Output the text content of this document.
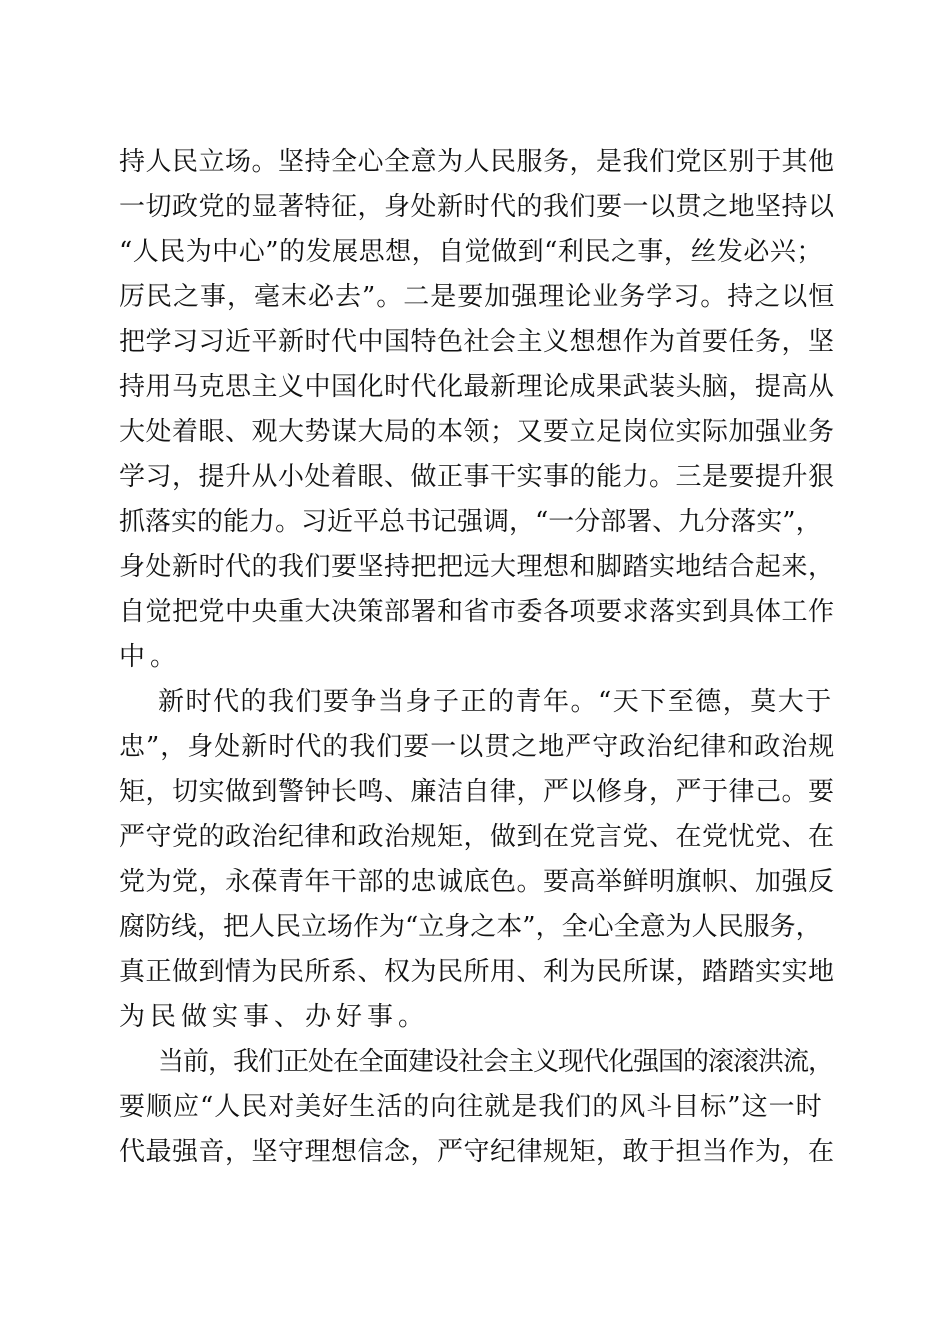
持人民立场。坚持全心全意为人民服务，是我们党区别于其他

一切政党的显著特征，身处新时代的我们要一以贯之地坚持以

“人民为中心”的发展思想，自觉做到“利民之事，丝发必兴；

厉民之事，毫末必去”。二是要加强理论业务学习。持之以恒

把学习习近平新时代中国特色社会主义想想作为首要任务，坚

持用马克思主义中国化时代化最新理论成果武装头脑，提高从

大处着眼、观大势谋大局的本领；又要立足岗位实际加强业务

学习，提升从小处着眼、做正事干实事的能力。三是要提升狠

抓落实的能力。习近平总书记强调，“一分部署、九分落实”，

身处新时代的我们要坚持把把远大理想和脚踏实地结合起来，

自觉把党中央重大决策部署和省市委各项要求落实到具体工作

中。

新时代的我们要争当身子正的青年。“天下至德，莫大于

忠”，身处新时代的我们要一以贯之地严守政治纪律和政治规

矩，切实做到警钟长鸣、廉洁自律，严以修身，严于律己。要

严守党的政治纪律和政治规矩，做到在党言党、在党忧党、在

党为党，永葆青年干部的忠诚底色。要高举鲜明旗帜、加强反

腐防线，把人民立场作为“立身之本”，全心全意为人民服务，

真正做到情为民所系、权为民所用、利为民所谋，踏踏实实地

为民做实事、办好事。

当前，我们正处在全面建设社会主义现代化强国的滚滚洪流，

要顺应“人民对美好生活的向往就是我们的风斗目标”这一时

代最强音，坚守理想信念，严守纪律规矩，敢于担当作为，在
